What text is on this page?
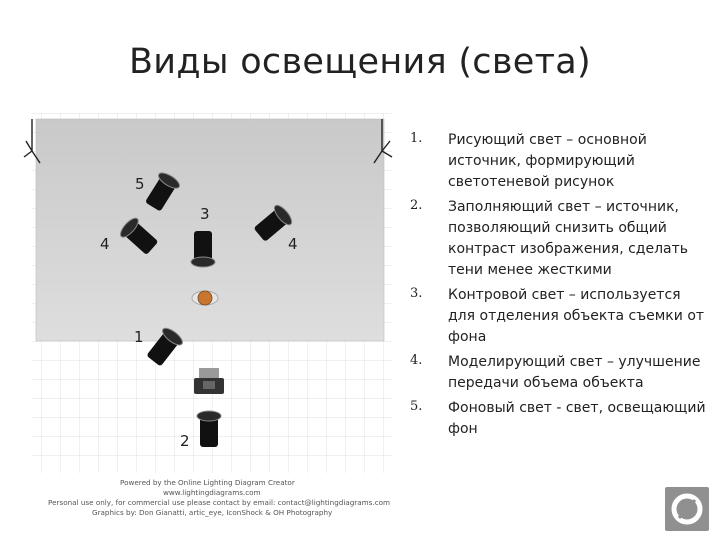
Виды освещения (света)
5
4
3
4
1
2
Powered by the Online Lighting Diagram Creator
www.lightingdiagrams.com
Personal use only, for commercial use please contact by email: contact@lightingdiagrams.com
Graphics by: Don Gianatti, artic_eye, IconShock & OH Photography
1.	Рисующий свет – основной источник, формирующий светотеневой рисунок
2.	Заполняющий свет – источник, позволяющий снизить общий контраст изображения, сделать тени менее жесткими
3.	Контровой свет – используется для отделения объекта съемки от фона
4.	Моделирующий свет – улучшение передачи объема объекта
5.	Фоновый свет - свет, освещающий фон
